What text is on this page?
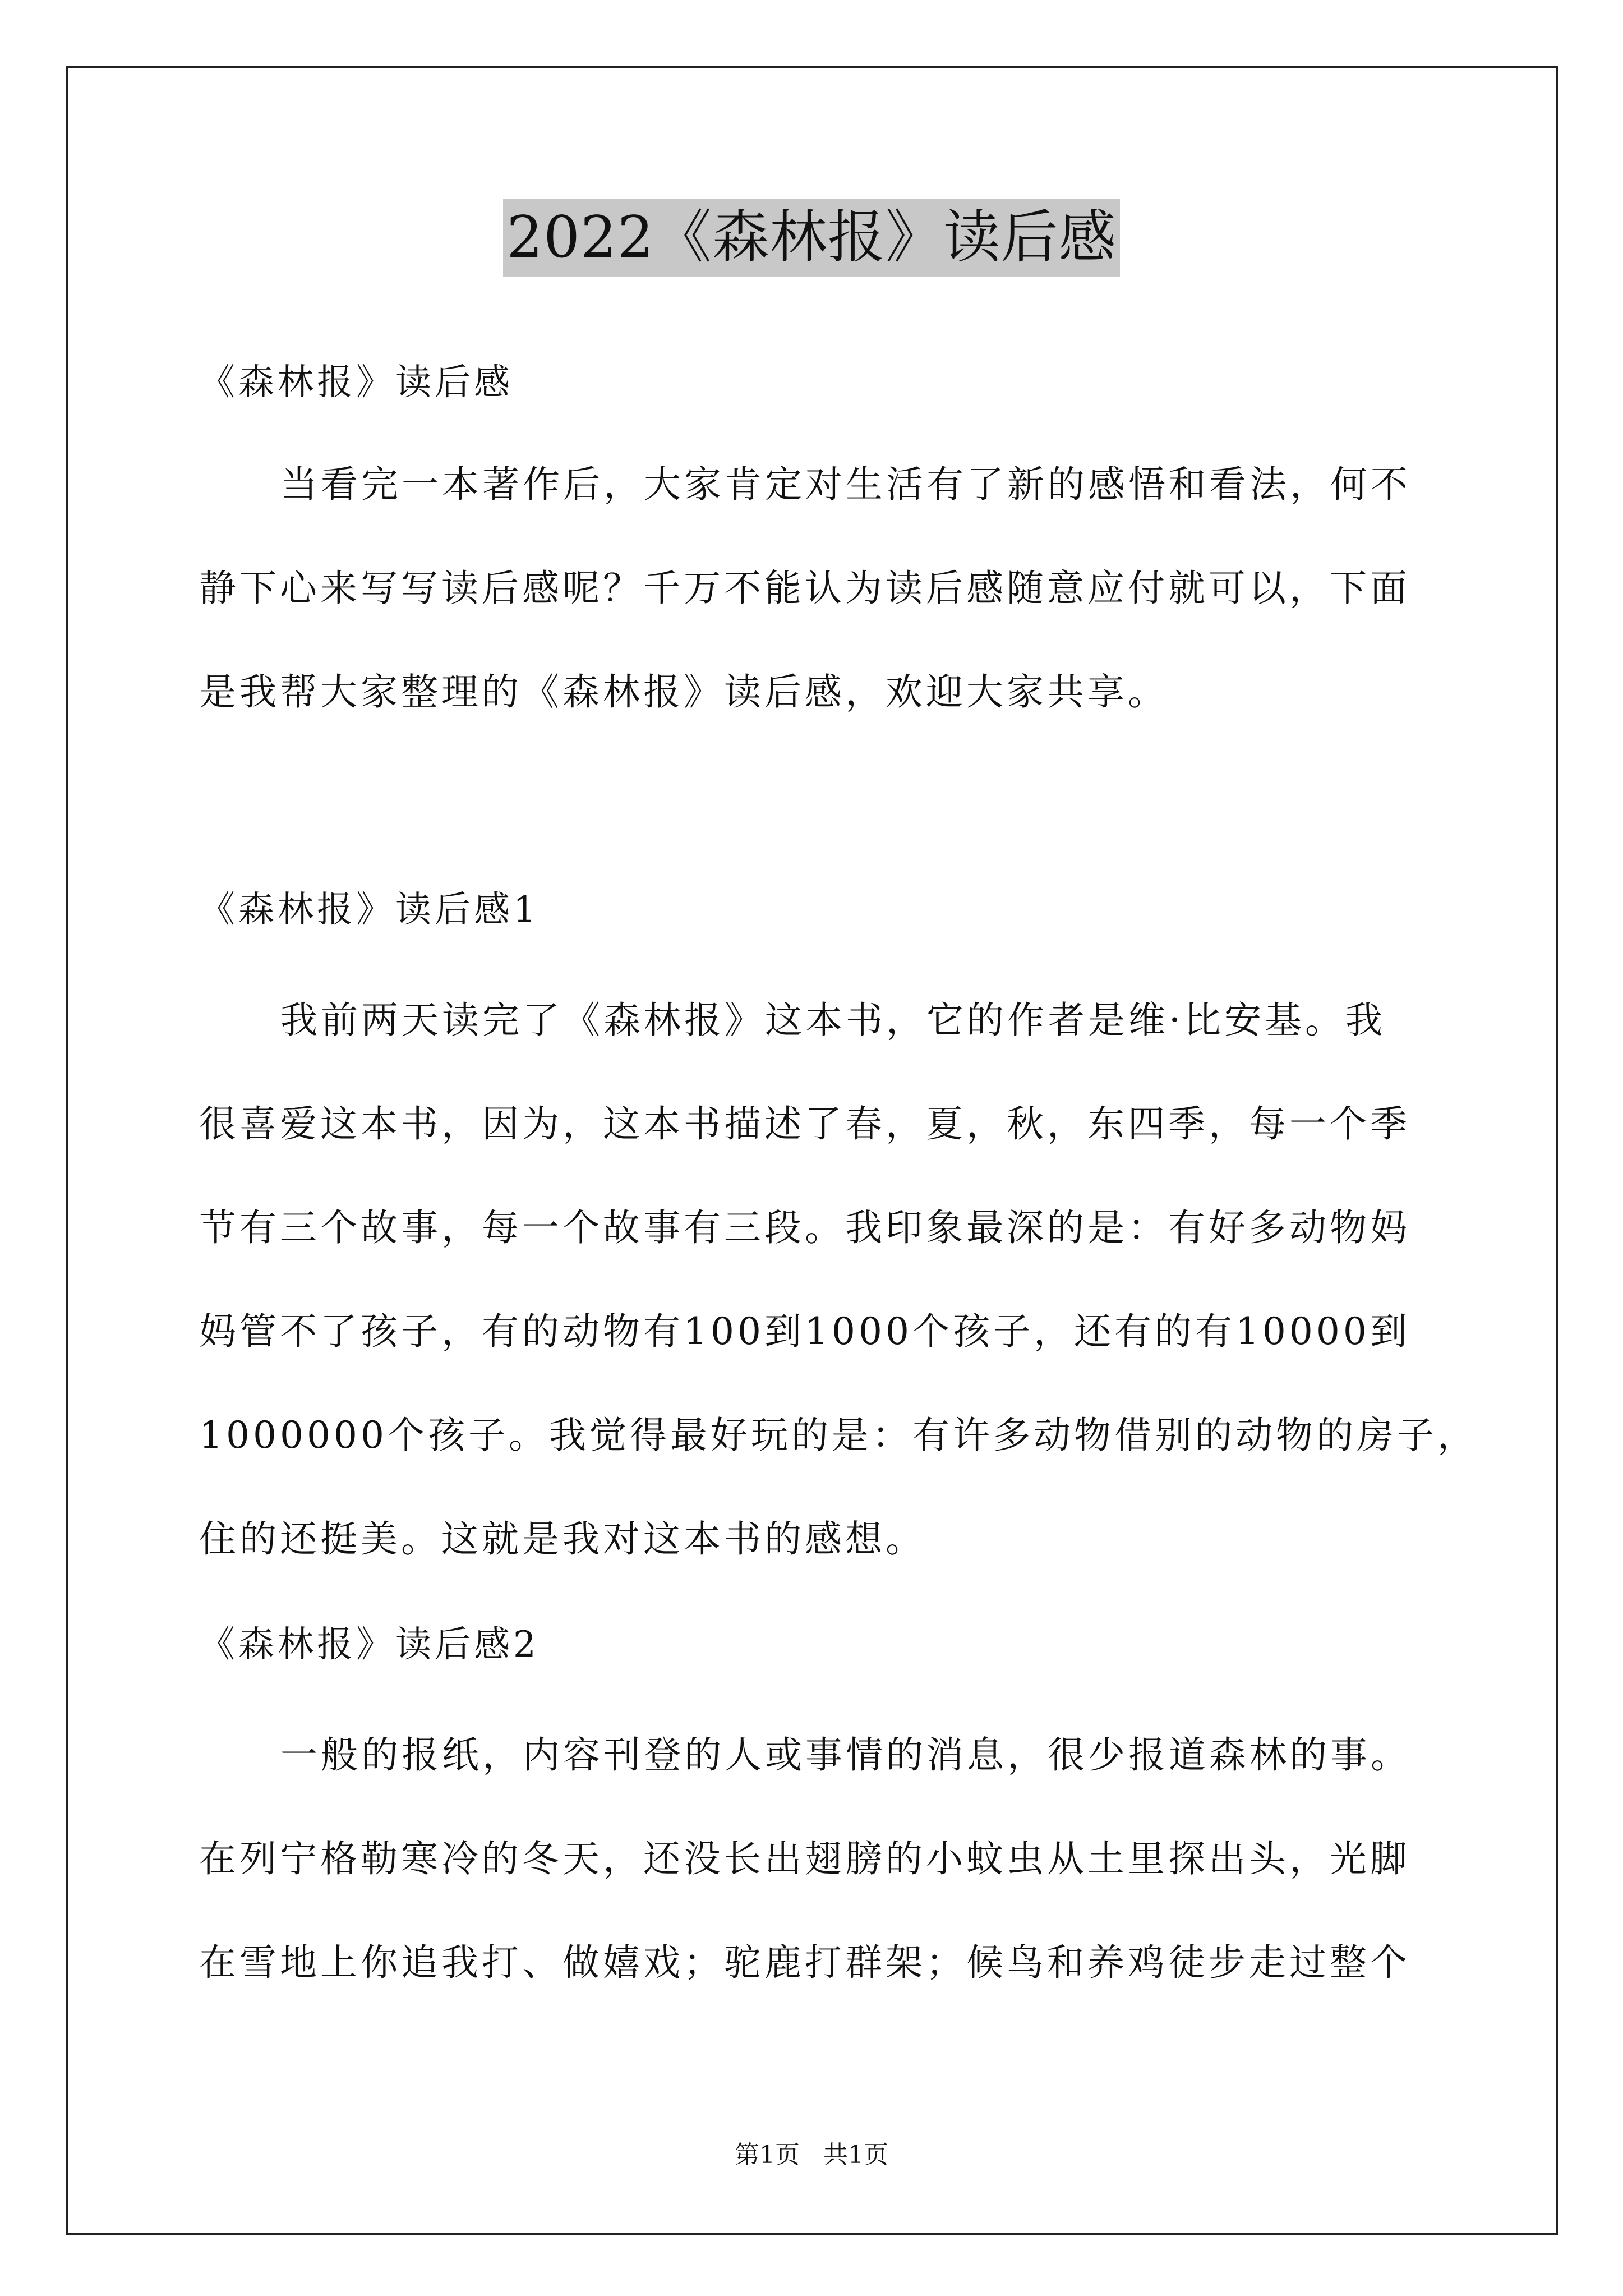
2022《森林报》读后感
《森林报》读后感
当看完一本著作后，大家肯定对生活有了新的感悟和看法，何不
静下心来写写读后感呢？千万不能认为读后感随意应付就可以，下面
是我帮大家整理的《森林报》读后感，欢迎大家共享。
《森林报》读后感1
我前两天读完了《森林报》这本书，它的作者是维·比安基。我
很喜爱这本书，因为，这本书描述了春，夏，秋，东四季，每一个季
节有三个故事，每一个故事有三段。我印象最深的是：有好多动物妈
妈管不了孩子，有的动物有100到1000个孩子，还有的有10000到
1000000个孩子。我觉得最好玩的是：有许多动物借别的动物的房子，
住的还挺美。这就是我对这本书的感想。
《森林报》读后感2
一般的报纸，内容刊登的人或事情的消息，很少报道森林的事。
在列宁格勒寒冷的冬天，还没长出翅膀的小蚊虫从土里探出头，光脚
在雪地上你追我打、做嬉戏；驼鹿打群架；候鸟和养鸡徒步走过整个
第1页 共1页
